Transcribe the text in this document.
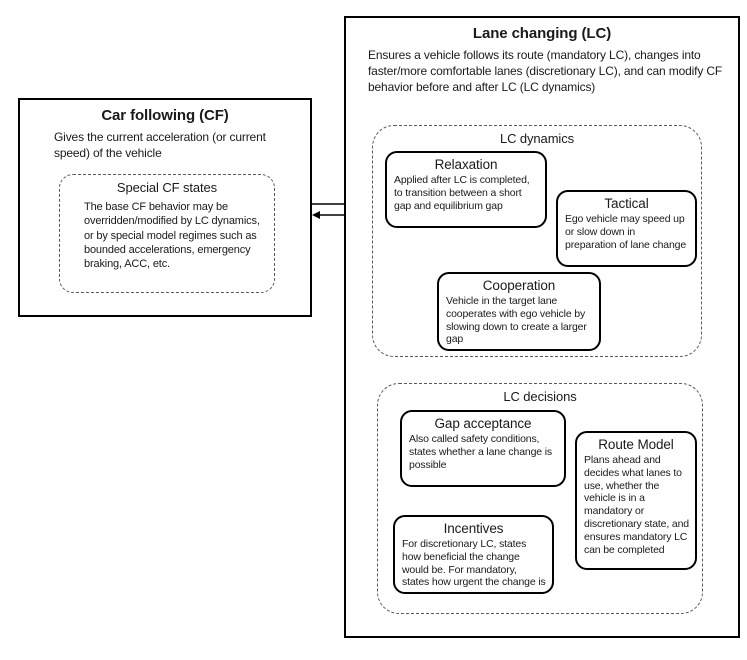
Car following (CF)
Gives the current acceleration (or current speed) of the vehicle
Special CF states
The base CF behavior may be overridden/modified by LC dynamics, or by special model regimes such as bounded accelerations, emergency braking, ACC, etc.
Lane changing (LC)
Ensures a vehicle follows its route (mandatory LC), changes into faster/more comfortable lanes (discretionary LC), and can modify CF behavior before and after LC (LC dynamics)
LC dynamics
Relaxation
Applied after LC is completed, to transition between a short gap and equilibrium gap	Tactical
Ego vehicle may speed up or slow down in preparation of lane change
Cooperation
Vehicle in the target lane cooperates with ego vehicle by slowing down to create a larger gap
LC decisions
Gap acceptance
Also called safety conditions, states whether a lane change is possible
Route Model
Plans ahead and decides what lanes to use, whether the vehicle is in a mandatory or discretionary state, and ensures mandatory LC can be completed
Incentives
For discretionary LC, states how beneficial the change would be. For mandatory, states how urgent the change is
